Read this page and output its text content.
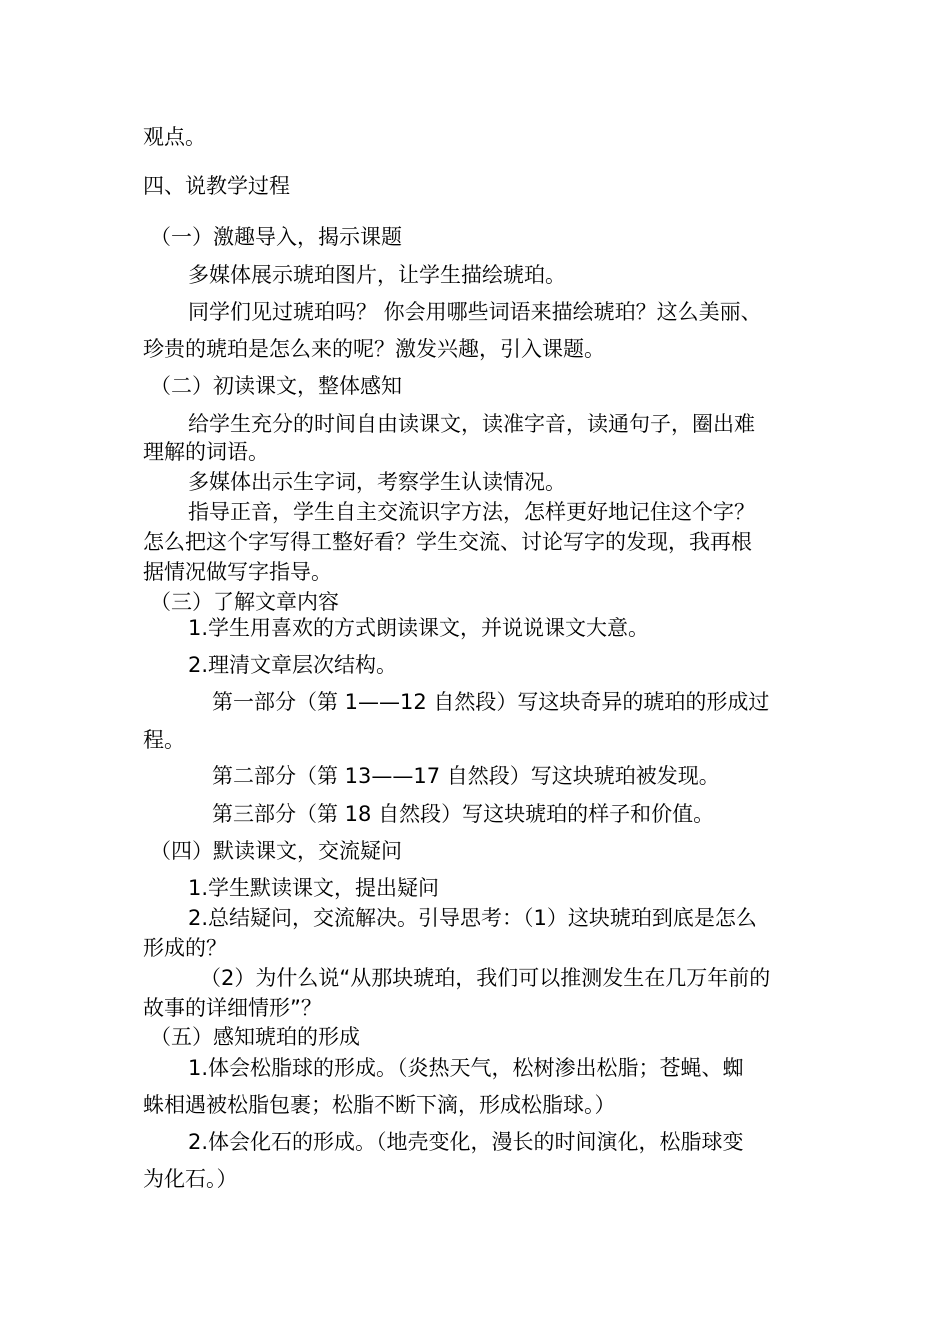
观点。
四、说教学过程
（一）激趣导入，揭示课题
多媒体展示琥珀图片，让学生描绘琥珀。
同学们见过琥珀吗？ 你会用哪些词语来描绘琥珀？这么美丽、
珍贵的琥珀是怎么来的呢？激发兴趣，引入课题。
（二）初读课文，整体感知
给学生充分的时间自由读课文，读准字音，读通句子，圈出难
理解的词语。
多媒体出示生字词，考察学生认读情况。
指导正音，学生自主交流识字方法，怎样更好地记住这个字？
怎么把这个字写得工整好看？学生交流、讨论写字的发现，我再根
据情况做写字指导。
（三）了解文章内容
1.学生用喜欢的方式朗读课文，并说说课文大意。
2.理清文章层次结构。
第一部分（第 1——12 自然段）写这块奇异的琥珀的形成过
程。
第二部分（第 13——17 自然段）写这块琥珀被发现。
第三部分（第 18 自然段）写这块琥珀的样子和价值。
（四）默读课文，交流疑问
1.学生默读课文，提出疑问
2.总结疑问，交流解决。引导思考：（1）这块琥珀到底是怎么
形成的？
（2）为什么说“从那块琥珀，我们可以推测发生在几万年前的
故事的详细情形”？
（五）感知琥珀的形成
1.体会松脂球的形成。（炎热天气，松树渗出松脂；苍蝇、蜘
蛛相遇被松脂包裹；松脂不断下滴，形成松脂球。）
2.体会化石的形成。（地壳变化，漫长的时间演化，松脂球变
为化石。）
